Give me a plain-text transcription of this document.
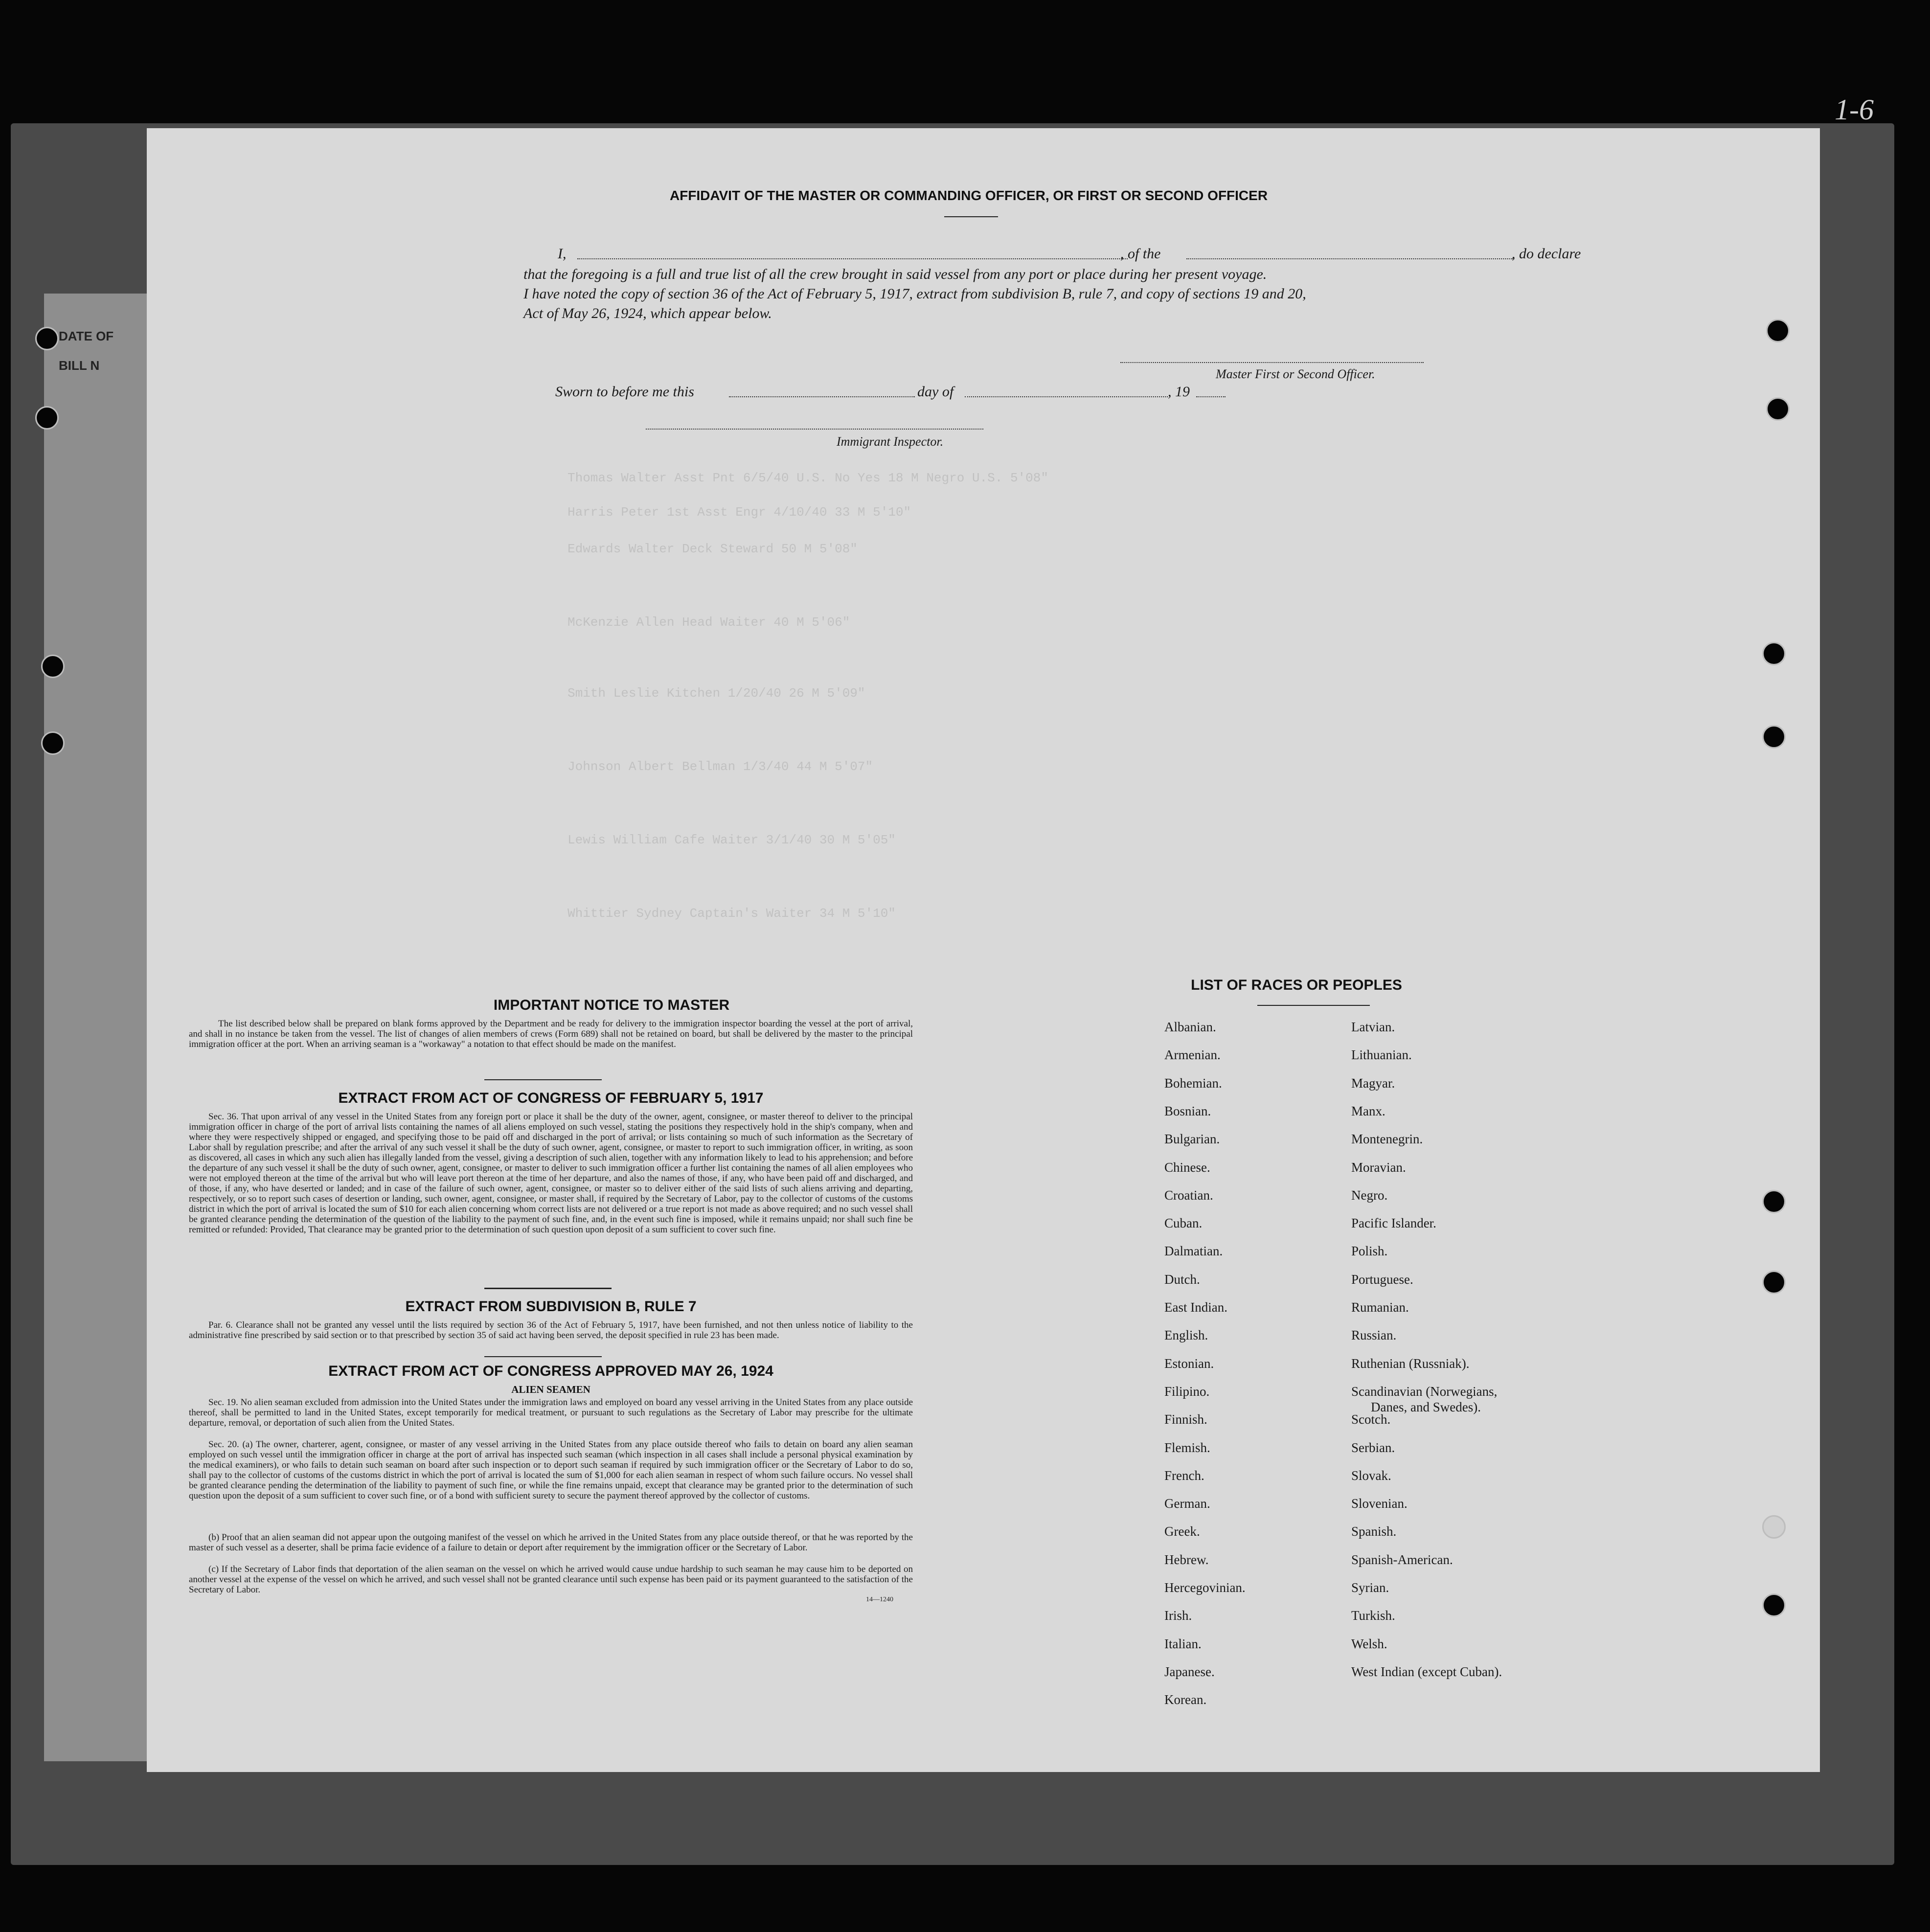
1-6
DATE OF
BILL N
Thomas Walter Asst Pnt 6/5/40 U.S. No Yes 18 M Negro U.S. 5'08"
Harris Peter 1st Asst Engr 4/10/40 33 M 5'10"
Edwards Walter Deck Steward 50 M 5'08"
McKenzie Allen Head Waiter 40 M 5'06"
Smith Leslie Kitchen 1/20/40 26 M 5'09"
Johnson Albert Bellman 1/3/40 44 M 5'07"
Lewis William Cafe Waiter 3/1/40 30 M 5'05"
Whittier Sydney Captain's Waiter 34 M 5'10"
AFFIDAVIT OF THE MASTER OR COMMANDING OFFICER, OR FIRST OR SECOND OFFICER
I,	, of the	, do declare
that the foregoing is a full and true list of all the crew brought in said vessel from any port or place during her present voyage.
I have noted the copy of section 36 of the Act of February 5, 1917, extract from subdivision B, rule 7, and copy of sections 19 and 20,
Act of May 26, 1924, which appear below.
Master First or Second Officer.
Sworn to before me this	day of	, 19
Immigrant Inspector.
IMPORTANT NOTICE TO MASTER
The list described below shall be prepared on blank forms approved by the Department and be ready for delivery to the immigration inspector boarding the vessel at the port of arrival, and shall in no instance be taken from the vessel. The list of changes of alien members of crews (Form 689) shall not be retained on board, but shall be delivered by the master to the principal immigration officer at the port. When an arriving seaman is a "workaway" a notation to that effect should be made on the manifest.
EXTRACT FROM ACT OF CONGRESS OF FEBRUARY 5, 1917
Sec. 36. That upon arrival of any vessel in the United States from any foreign port or place it shall be the duty of the owner, agent, consignee, or master thereof to deliver to the principal immigration officer in charge of the port of arrival lists containing the names of all aliens employed on such vessel, stating the positions they respectively hold in the ship's company, when and where they were respectively shipped or engaged, and specifying those to be paid off and discharged in the port of arrival; or lists containing so much of such information as the Secretary of Labor shall by regulation prescribe; and after the arrival of any such vessel it shall be the duty of such owner, agent, consignee, or master to report to such immigration officer, in writing, as soon as discovered, all cases in which any such alien has illegally landed from the vessel, giving a description of such alien, together with any information likely to lead to his apprehension; and before the departure of any such vessel it shall be the duty of such owner, agent, consignee, or master to deliver to such immigration officer a further list containing the names of all alien employees who were not employed thereon at the time of the arrival but who will leave port thereon at the time of her departure, and also the names of those, if any, who have been paid off and discharged, and of those, if any, who have deserted or landed; and in case of the failure of such owner, agent, consignee, or master so to deliver either of the said lists of such aliens arriving and departing, respectively, or so to report such cases of desertion or landing, such owner, agent, consignee, or master shall, if required by the Secretary of Labor, pay to the collector of customs of the customs district in which the port of arrival is located the sum of $10 for each alien concerning whom correct lists are not delivered or a true report is not made as above required; and no such vessel shall be granted clearance pending the determination of the question of the liability to the payment of such fine, and, in the event such fine is imposed, while it remains unpaid; nor shall such fine be remitted or refunded: Provided, That clearance may be granted prior to the determination of such question upon deposit of a sum sufficient to cover such fine.
EXTRACT FROM SUBDIVISION B, RULE 7
Par. 6. Clearance shall not be granted any vessel until the lists required by section 36 of the Act of February 5, 1917, have been furnished, and not then unless notice of liability to the administrative fine prescribed by said section or to that prescribed by section 35 of said act having been served, the deposit specified in rule 23 has been made.
EXTRACT FROM ACT OF CONGRESS APPROVED MAY 26, 1924
ALIEN SEAMEN
Sec. 19. No alien seaman excluded from admission into the United States under the immigration laws and employed on board any vessel arriving in the United States from any place outside thereof, shall be permitted to land in the United States, except temporarily for medical treatment, or pursuant to such regulations as the Secretary of Labor may prescribe for the ultimate departure, removal, or deportation of such alien from the United States.
Sec. 20. (a) The owner, charterer, agent, consignee, or master of any vessel arriving in the United States from any place outside thereof who fails to detain on board any alien seaman employed on such vessel until the immigration officer in charge at the port of arrival has inspected such seaman (which inspection in all cases shall include a personal physical examination by the medical examiners), or who fails to detain such seaman on board after such inspection or to deport such seaman if required by such immigration officer or the Secretary of Labor to do so, shall pay to the collector of customs of the customs district in which the port of arrival is located the sum of $1,000 for each alien seaman in respect of whom such failure occurs. No vessel shall be granted clearance pending the determination of the liability to payment of such fine, or while the fine remains unpaid, except that clearance may be granted prior to the determination of such question upon the deposit of a sum sufficient to cover such fine, or of a bond with sufficient surety to secure the payment thereof approved by the collector of customs.
(b) Proof that an alien seaman did not appear upon the outgoing manifest of the vessel on which he arrived in the United States from any place outside thereof, or that he was reported by the master of such vessel as a deserter, shall be prima facie evidence of a failure to detain or deport after requirement by the immigration officer or the Secretary of Labor.
(c) If the Secretary of Labor finds that deportation of the alien seaman on the vessel on which he arrived would cause undue hardship to such seaman he may cause him to be deported on another vessel at the expense of the vessel on which he arrived, and such vessel shall not be granted clearance until such expense has been paid or its payment guaranteed to the satisfaction of the Secretary of Labor.
14—1240
LIST OF RACES OR PEOPLES
Albanian.
Armenian.
Bohemian.
Bosnian.
Bulgarian.
Chinese.
Croatian.
Cuban.
Dalmatian.
Dutch.
East Indian.
English.
Estonian.
Filipino.
Finnish.
Flemish.
French.
German.
Greek.
Hebrew.
Hercegovinian.
Irish.
Italian.
Japanese.
Korean.
Latvian.
Lithuanian.
Magyar.
Manx.
Montenegrin.
Moravian.
Negro.
Pacific Islander.
Polish.
Portuguese.
Rumanian.
Russian.
Ruthenian (Russniak).
Scandinavian (Norwegians,
Danes, and Swedes).
Scotch.
Serbian.
Slovak.
Slovenian.
Spanish.
Spanish-American.
Syrian.
Turkish.
Welsh.
West Indian (except Cuban).
